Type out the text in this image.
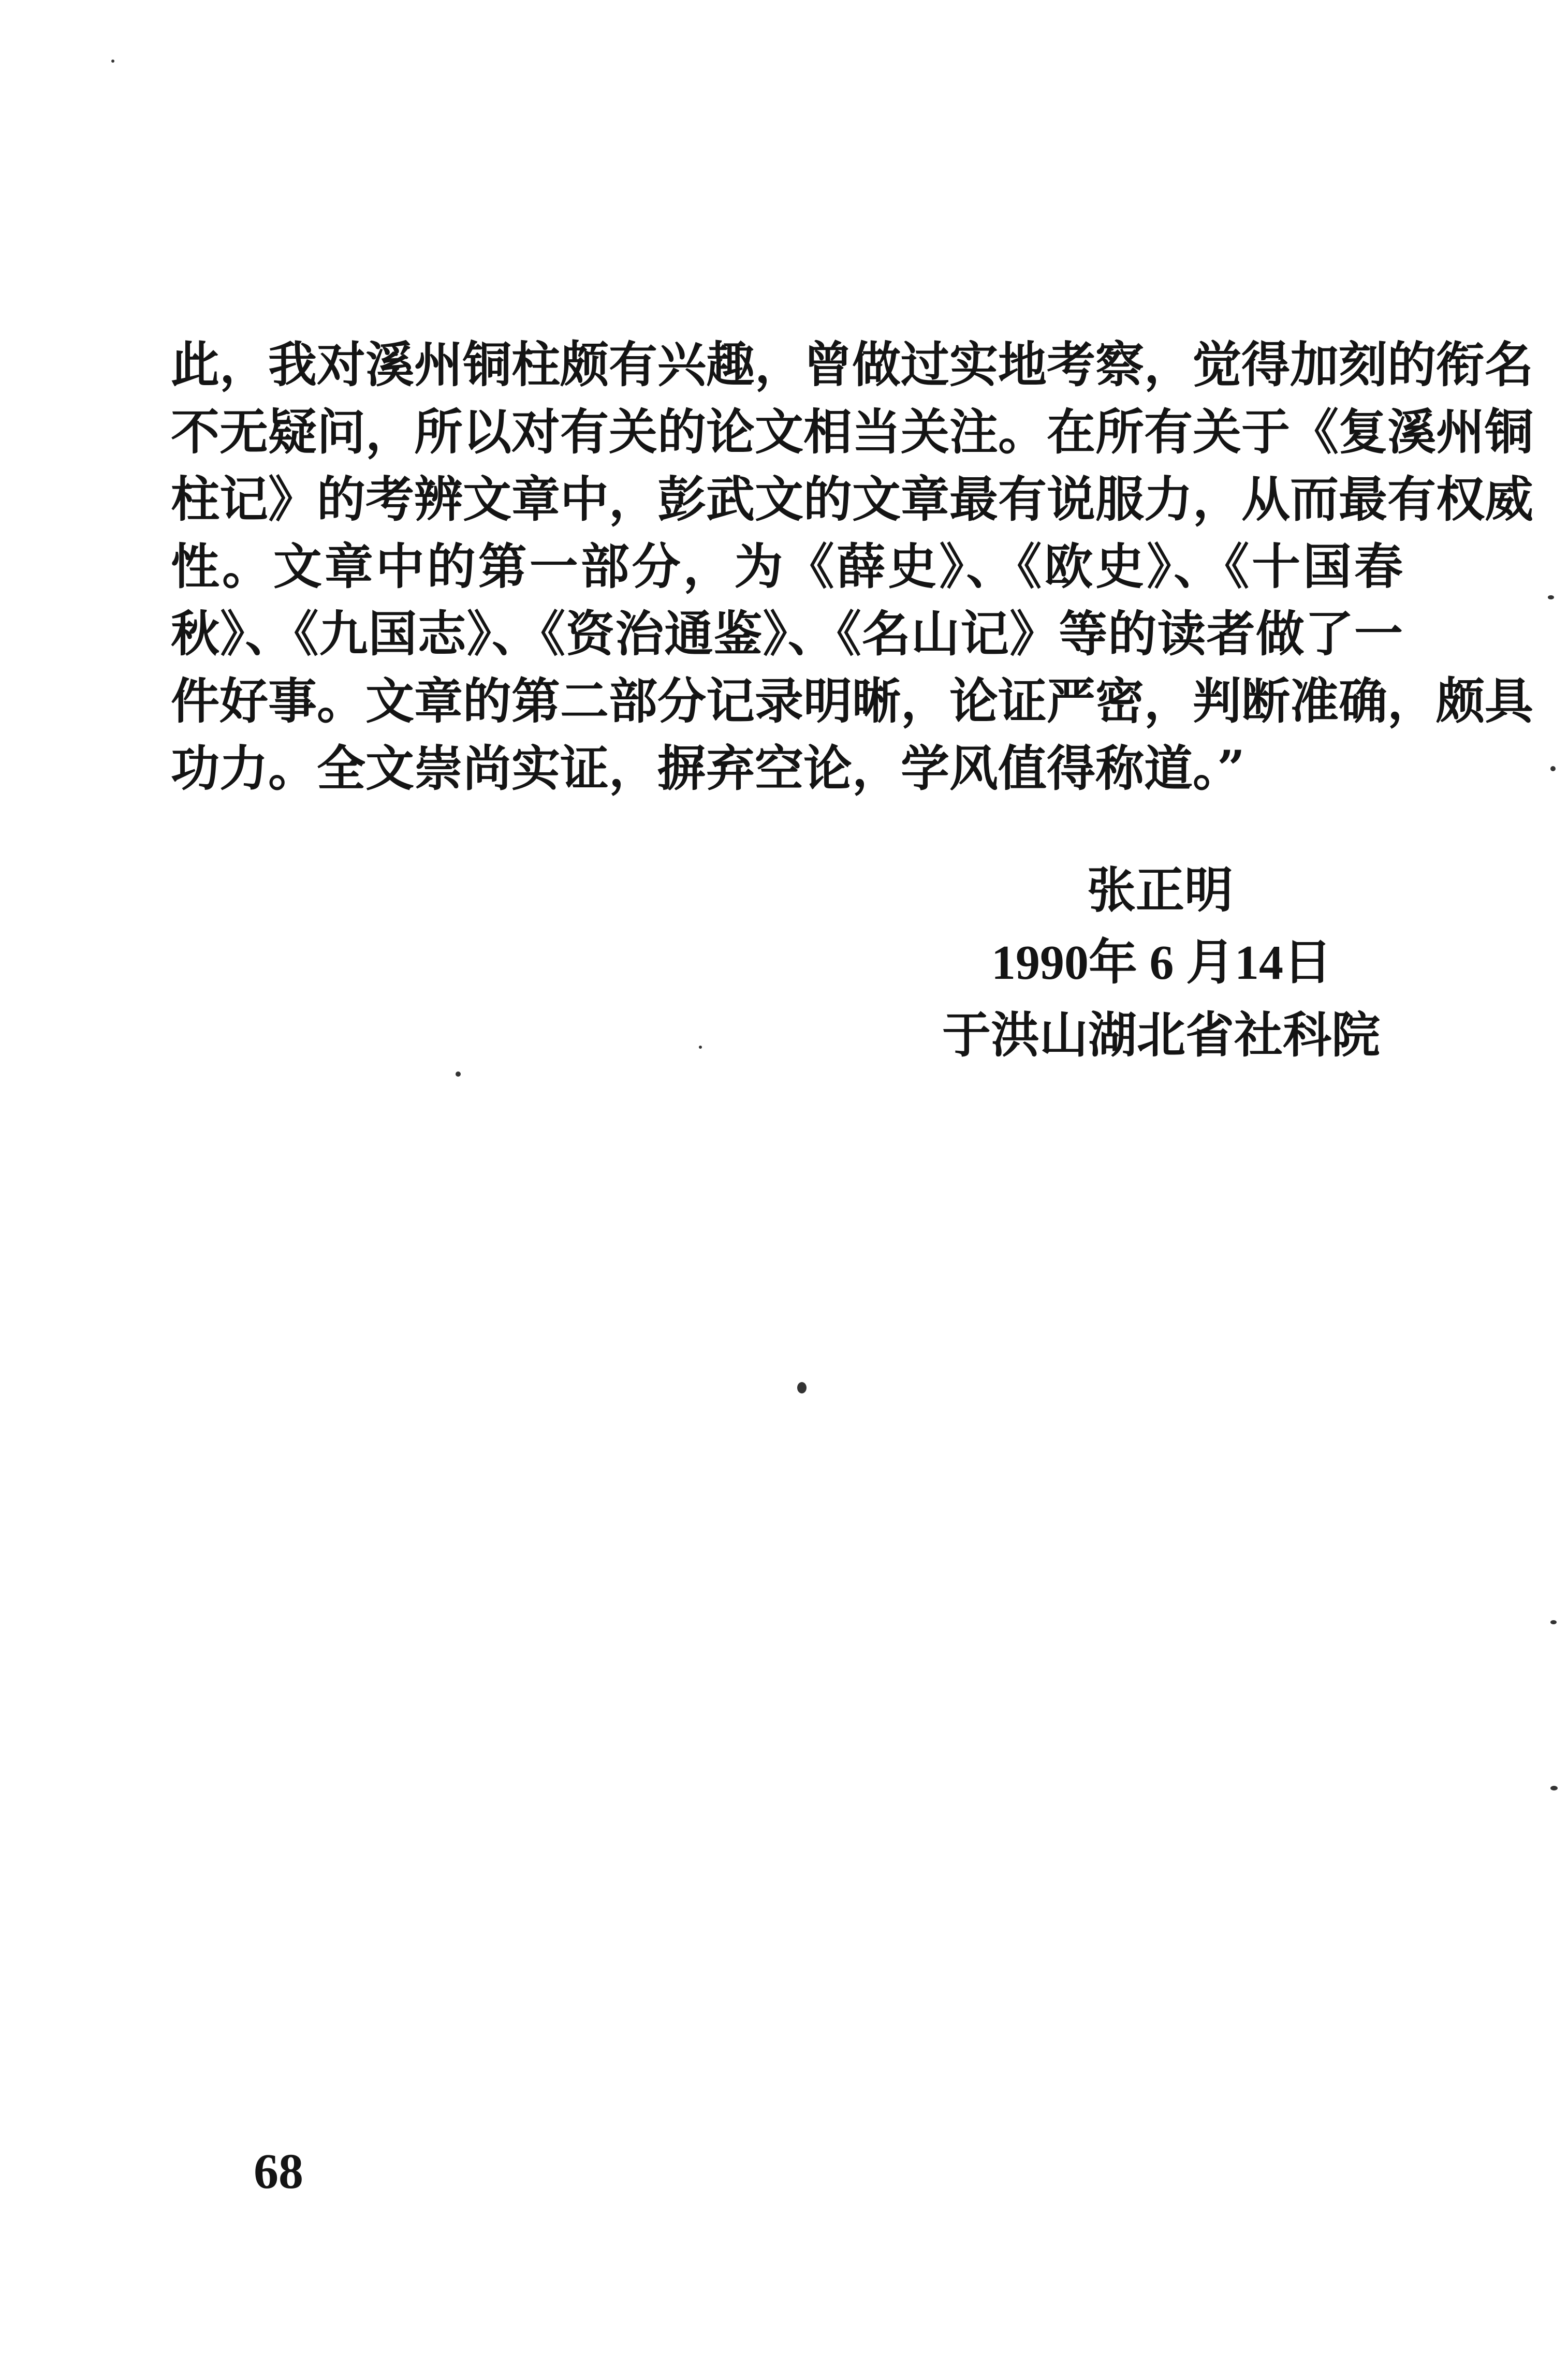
此，我对溪州铜柱颇有兴趣，曾做过实地考察，觉得加刻的衔名
不无疑问，所以对有关的论文相当关注。在所有关于《复溪州铜
柱记》的考辨文章中，彭武文的文章最有说服力，从而最有权威
性。文章中的第一部分，为《薛史》、《欧史》、《十国春
秋》、《九国志》、《资治通鉴》、《名山记》等的读者做了一
件好事。文章的第二部分记录明晰，论证严密，判断准确，颇具
功力。全文崇尚实证，摒弃空论，学风值得称道。”
张正明
1990年 6 月14日
于洪山湖北省社科院
68
